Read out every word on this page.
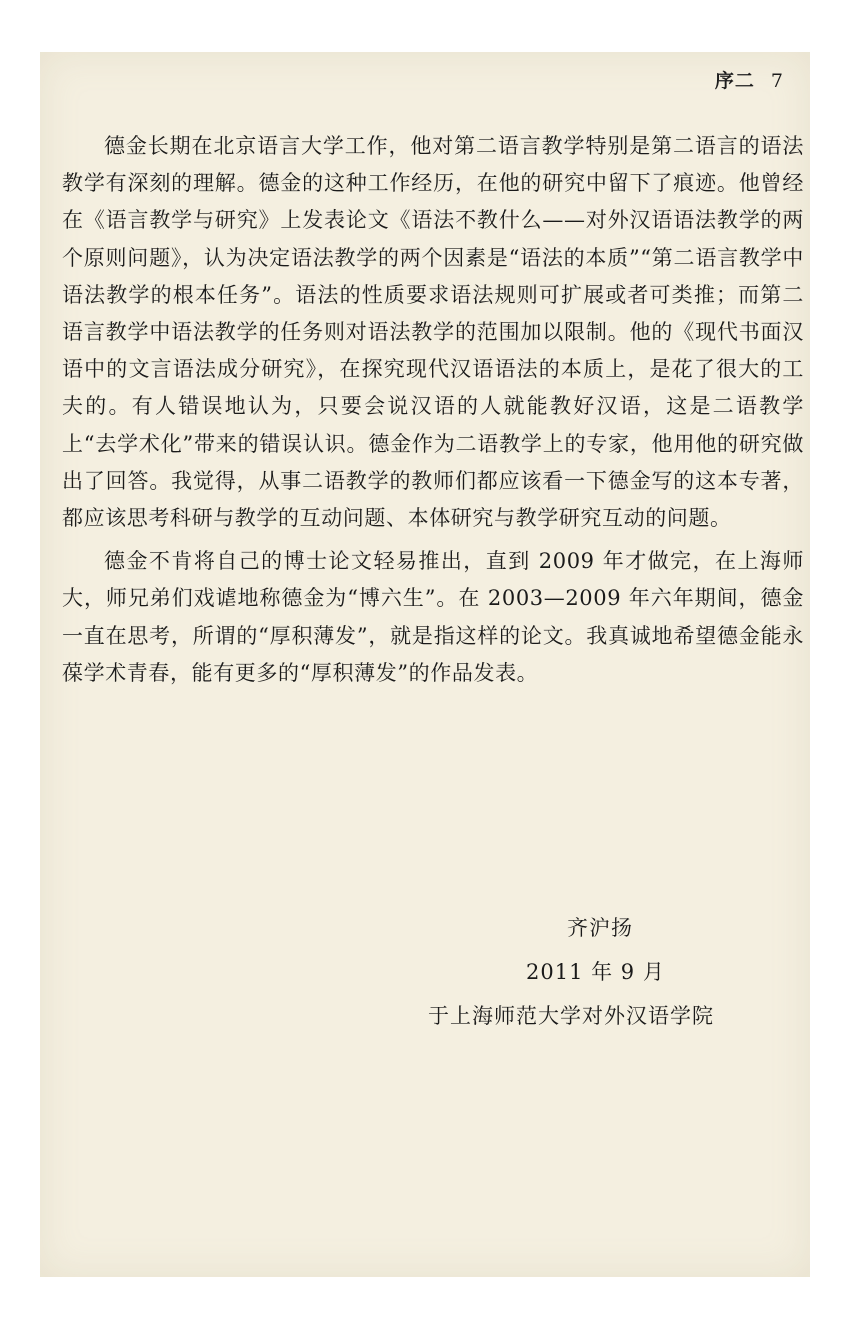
序二 7

德金长期在北京语言大学工作，他对第二语言教学特别是第二语言的语法教学有深刻的理解。德金的这种工作经历，在他的研究中留下了痕迹。他曾经在《语言教学与研究》上发表论文《语法不教什么——对外汉语语法教学的两个原则问题》，认为决定语法教学的两个因素是“语法的本质”“第二语言教学中语法教学的根本任务”。语法的性质要求语法规则可扩展或者可类推；而第二语言教学中语法教学的任务则对语法教学的范围加以限制。他的《现代书面汉语中的文言语法成分研究》，在探究现代汉语语法的本质上，是花了很大的工夫的。有人错误地认为，只要会说汉语的人就能教好汉语，这是二语教学上“去学术化”带来的错误认识。德金作为二语教学上的专家，他用他的研究做出了回答。我觉得，从事二语教学的教师们都应该看一下德金写的这本专著，都应该思考科研与教学的互动问题、本体研究与教学研究互动的问题。

德金不肯将自己的博士论文轻易推出，直到 2009 年才做完，在上海师大，师兄弟们戏谑地称德金为“博六生”。在 2003—2009 年六年期间，德金一直在思考，所谓的“厚积薄发”，就是指这样的论文。我真诚地希望德金能永葆学术青春，能有更多的“厚积薄发”的作品发表。

齐沪扬
2011 年 9 月
于上海师范大学对外汉语学院
